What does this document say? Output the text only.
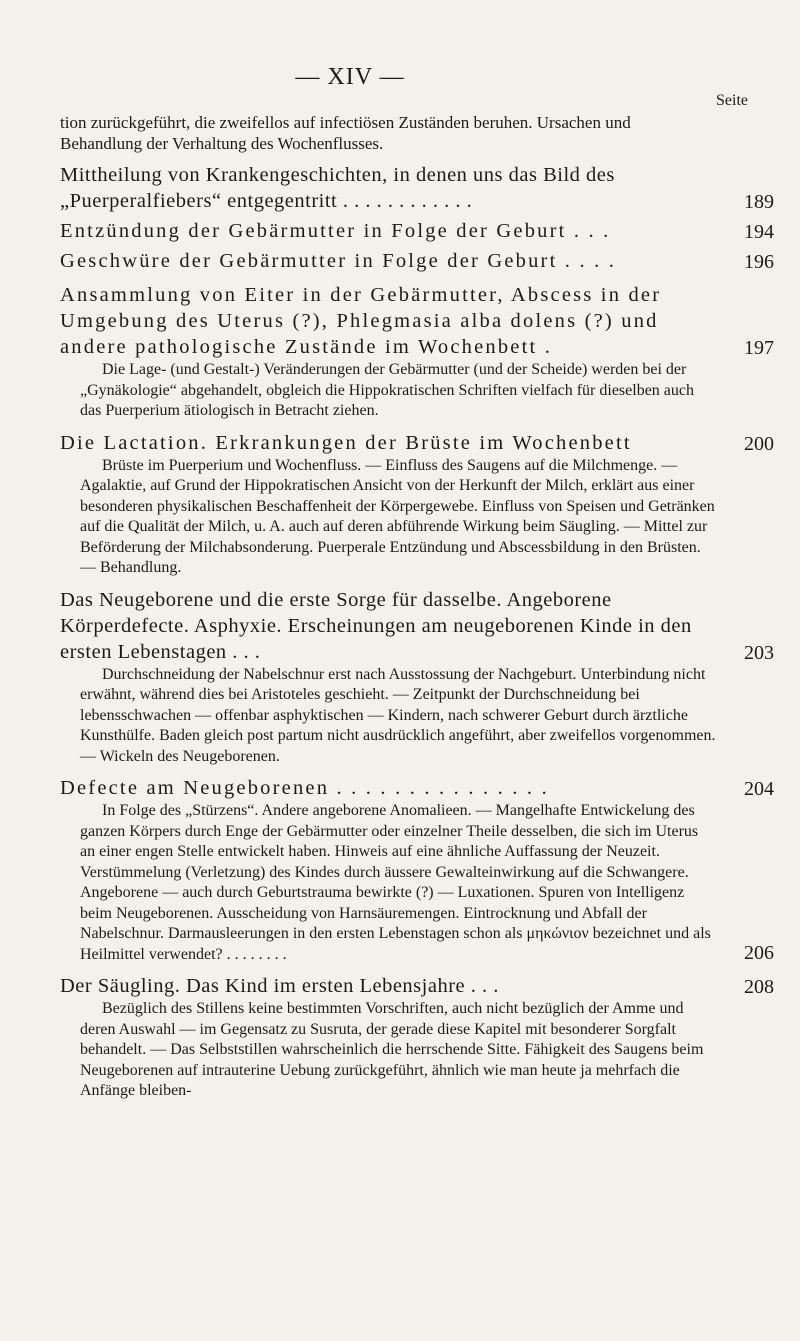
— XIV —
Seite
tion zurückgeführt, die zweifellos auf infectiösen Zuständen beruhen. Ursachen und Behandlung der Verhaltung des Wochenflusses.
Mittheilung von Krankengeschichten, in denen uns das Bild des „Puerperalfiebers“ entgegentritt . . . . . . . . . . . .	189
Entzündung der Gebärmutter in Folge der Geburt . . .	194
Geschwüre der Gebärmutter in Folge der Geburt . . . .	196
Ansammlung von Eiter in der Gebärmutter, Abscess in der Umgebung des Uterus (?), Phlegmasia alba dolens (?) und andere pathologische Zustände im Wochenbett .	197
Die Lage- (und Gestalt-) Veränderungen der Gebärmutter (und der Scheide) werden bei der „Gynäkologie“ abgehandelt, obgleich die Hippokratischen Schriften vielfach für dieselben auch das Puerperium ätiologisch in Betracht ziehen.
Die Lactation. Erkrankungen der Brüste im Wochenbett	200
Brüste im Puerperium und Wochenfluss. — Einfluss des Saugens auf die Milchmenge. — Agalaktie, auf Grund der Hippokratischen Ansicht von der Herkunft der Milch, erklärt aus einer besonderen physikalischen Beschaffenheit der Körpergewebe. Einfluss von Speisen und Getränken auf die Qualität der Milch, u. A. auch auf deren abführende Wirkung beim Säugling. — Mittel zur Beförderung der Milchabsonderung. Puerperale Entzündung und Abscessbildung in den Brüsten. — Behandlung.
Das Neugeborene und die erste Sorge für dasselbe. Angeborene Körperdefecte. Asphyxie. Erscheinungen am neugeborenen Kinde in den ersten Lebenstagen . . .	203
Durchschneidung der Nabelschnur erst nach Ausstossung der Nachgeburt. Unterbindung nicht erwähnt, während dies bei Aristoteles geschieht. — Zeitpunkt der Durchschneidung bei lebensschwachen — offenbar asphyktischen — Kindern, nach schwerer Geburt durch ärztliche Kunsthülfe. Baden gleich post partum nicht ausdrücklich angeführt, aber zweifellos vorgenommen. — Wickeln des Neugeborenen.
Defecte am Neugeborenen . . . . . . . . . . . . . . .	204
In Folge des „Stürzens“. Andere angeborene Anomalieen. — Mangelhafte Entwickelung des ganzen Körpers durch Enge der Gebärmutter oder einzelner Theile desselben, die sich im Uterus an einer engen Stelle entwickelt haben. Hinweis auf eine ähnliche Auffassung der Neuzeit. Verstümmelung (Verletzung) des Kindes durch äussere Gewalteinwirkung auf die Schwangere. Angeborene — auch durch Geburtstrauma bewirkte (?) — Luxationen. Spuren von Intelligenz beim Neugeborenen. Ausscheidung von Harnsäuremengen. Eintrocknung und Abfall der Nabelschnur. Darmausleerungen in den ersten Lebenstagen schon als μηκώνιον bezeichnet und als Heilmittel verwendet? . . . . . . . .	206
Der Säugling. Das Kind im ersten Lebensjahre . . .	208
Bezüglich des Stillens keine bestimmten Vorschriften, auch nicht bezüglich der Amme und deren Auswahl — im Gegensatz zu Susruta, der gerade diese Kapitel mit besonderer Sorgfalt behandelt. — Das Selbststillen wahrscheinlich die herrschende Sitte. Fähigkeit des Saugens beim Neugeborenen auf intrauterine Uebung zurückgeführt, ähnlich wie man heute ja mehrfach die Anfänge bleiben-
